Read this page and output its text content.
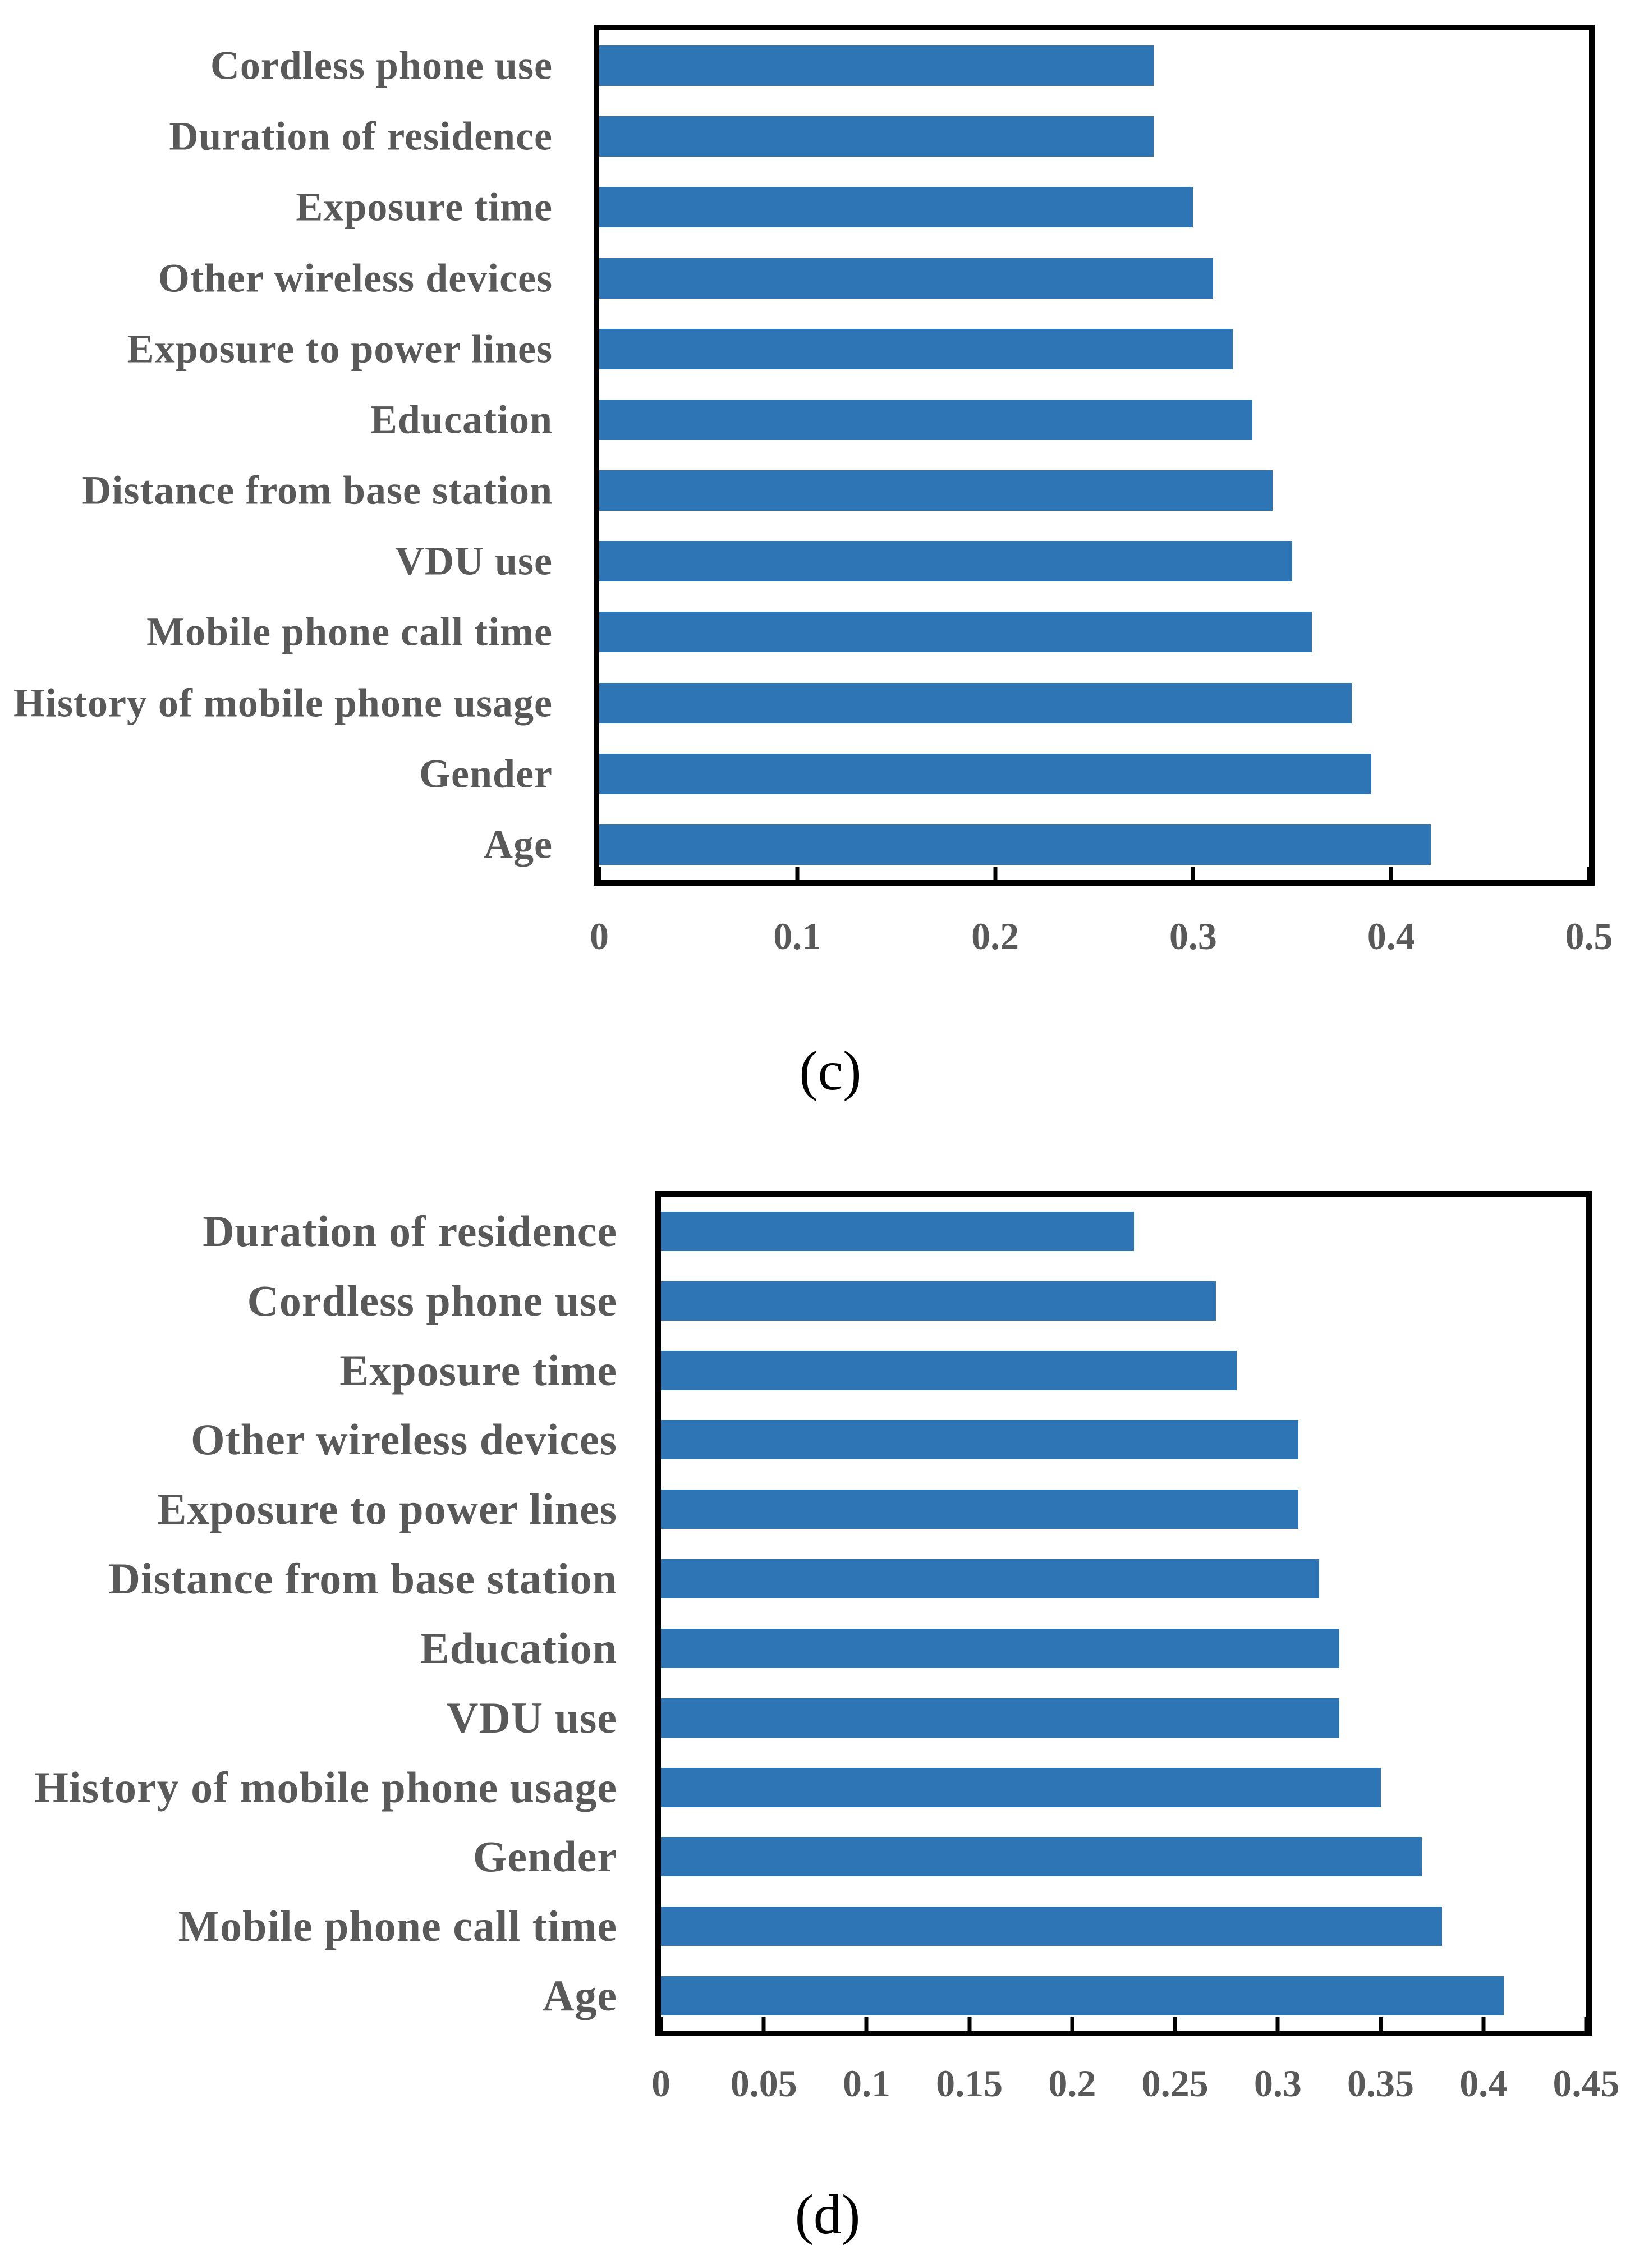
Cordless phone use
Duration of residence
Exposure time
Other wireless devices
Exposure to power lines
Education
Distance from base station
VDU use
Mobile phone call time
History of mobile phone usage
Gender
Age
0	0.1	0.2	0.3	0.4	0.5
(c)
Duration of residence
Cordless phone use
Exposure time
Other wireless devices
Exposure to power lines
Distance from base station
Education
VDU use
History of mobile phone usage
Gender
Mobile phone call time
Age
0 0.05 0.1 0.15 0.2 0.25 0.3 0.35 0.4 0.45
(d)
